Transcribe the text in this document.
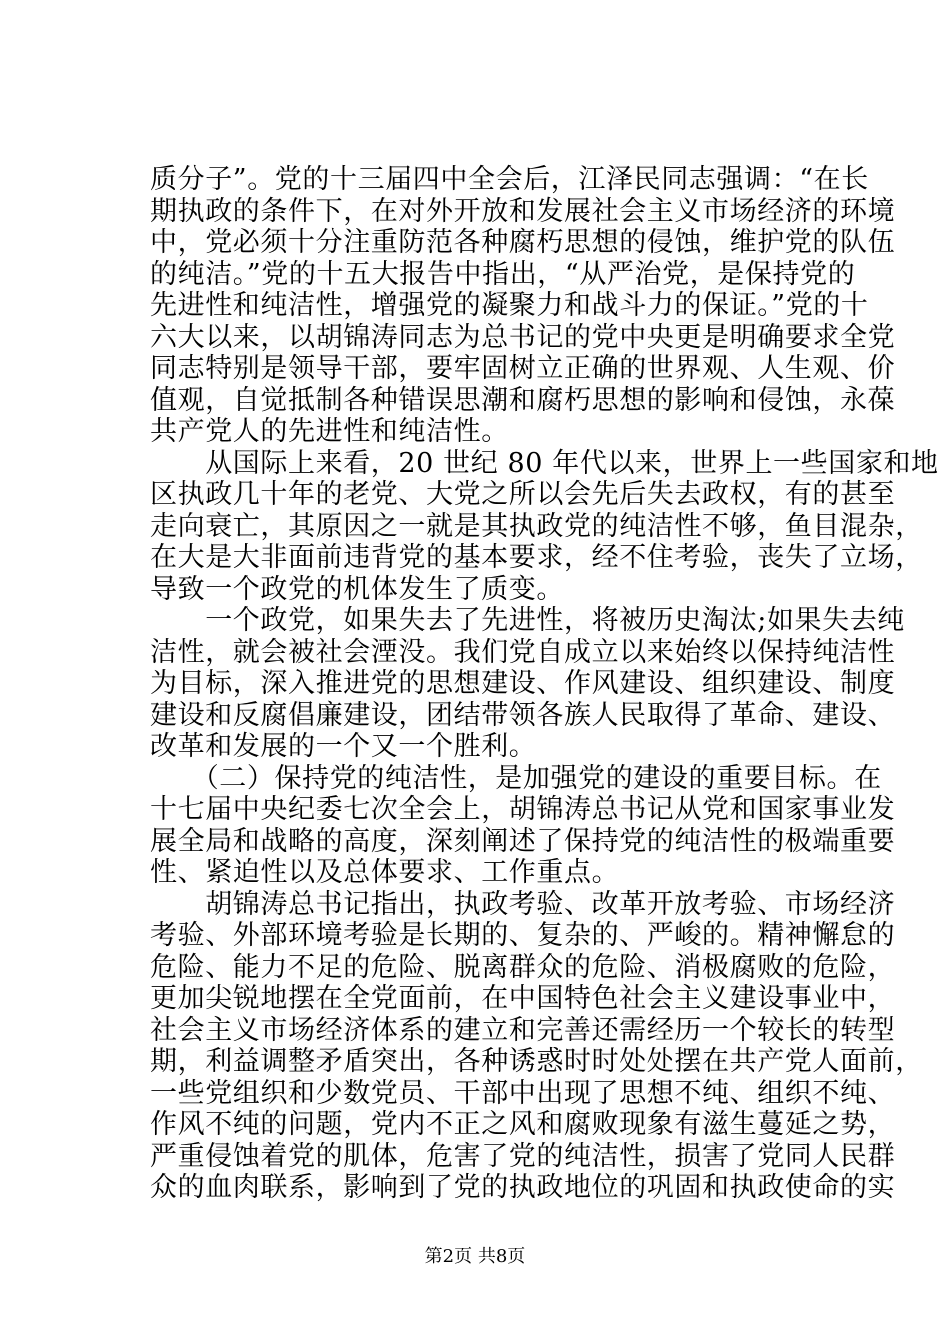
质分子”。党的十三届四中全会后，江泽民同志强调：“在长
期执政的条件下，在对外开放和发展社会主义市场经济的环境
中，党必须十分注重防范各种腐朽思想的侵蚀，维护党的队伍
的纯洁。”党的十五大报告中指出，“从严治党，是保持党的
先进性和纯洁性，增强党的凝聚力和战斗力的保证。”党的十
六大以来，以胡锦涛同志为总书记的党中央更是明确要求全党
同志特别是领导干部，要牢固树立正确的世界观、人生观、价
值观，自觉抵制各种错误思潮和腐朽思想的影响和侵蚀，永葆
共产党人的先进性和纯洁性。
　　从国际上来看，20 世纪 80 年代以来，世界上一些国家和地
区执政几十年的老党、大党之所以会先后失去政权，有的甚至
走向衰亡，其原因之一就是其执政党的纯洁性不够，鱼目混杂，
在大是大非面前违背党的基本要求，经不住考验，丧失了立场，
导致一个政党的机体发生了质变。
　　一个政党，如果失去了先进性，将被历史淘汰;如果失去纯
洁性，就会被社会湮没。我们党自成立以来始终以保持纯洁性
为目标，深入推进党的思想建设、作风建设、组织建设、制度
建设和反腐倡廉建设，团结带领各族人民取得了革命、建设、
改革和发展的一个又一个胜利。
　　（二）保持党的纯洁性，是加强党的建设的重要目标。在
十七届中央纪委七次全会上，胡锦涛总书记从党和国家事业发
展全局和战略的高度，深刻阐述了保持党的纯洁性的极端重要
性、紧迫性以及总体要求、工作重点。
　　胡锦涛总书记指出，执政考验、改革开放考验、市场经济
考验、外部环境考验是长期的、复杂的、严峻的。精神懈怠的
危险、能力不足的危险、脱离群众的危险、消极腐败的危险，
更加尖锐地摆在全党面前，在中国特色社会主义建设事业中，
社会主义市场经济体系的建立和完善还需经历一个较长的转型
期，利益调整矛盾突出，各种诱惑时时处处摆在共产党人面前，
一些党组织和少数党员、干部中出现了思想不纯、组织不纯、
作风不纯的问题，党内不正之风和腐败现象有滋生蔓延之势，
严重侵蚀着党的肌体，危害了党的纯洁性，损害了党同人民群
众的血肉联系，影响到了党的执政地位的巩固和执政使命的实
第2页 共8页
